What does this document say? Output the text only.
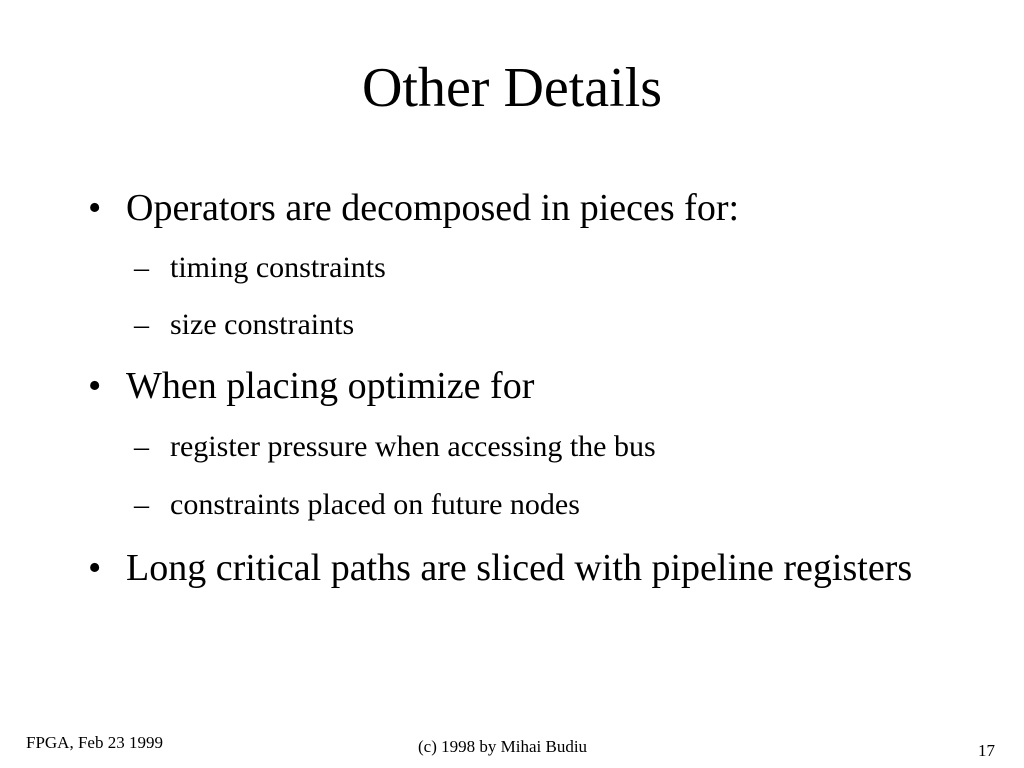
Other Details
• Operators are decomposed in pieces for:
– timing constraints
– size constraints
• When placing optimize for
– register pressure when accessing the bus
– constraints placed on future nodes
• Long critical paths are sliced with pipeline registers
FPGA, Feb 23 1999	(c) 1998 by Mihai Budiu	17
